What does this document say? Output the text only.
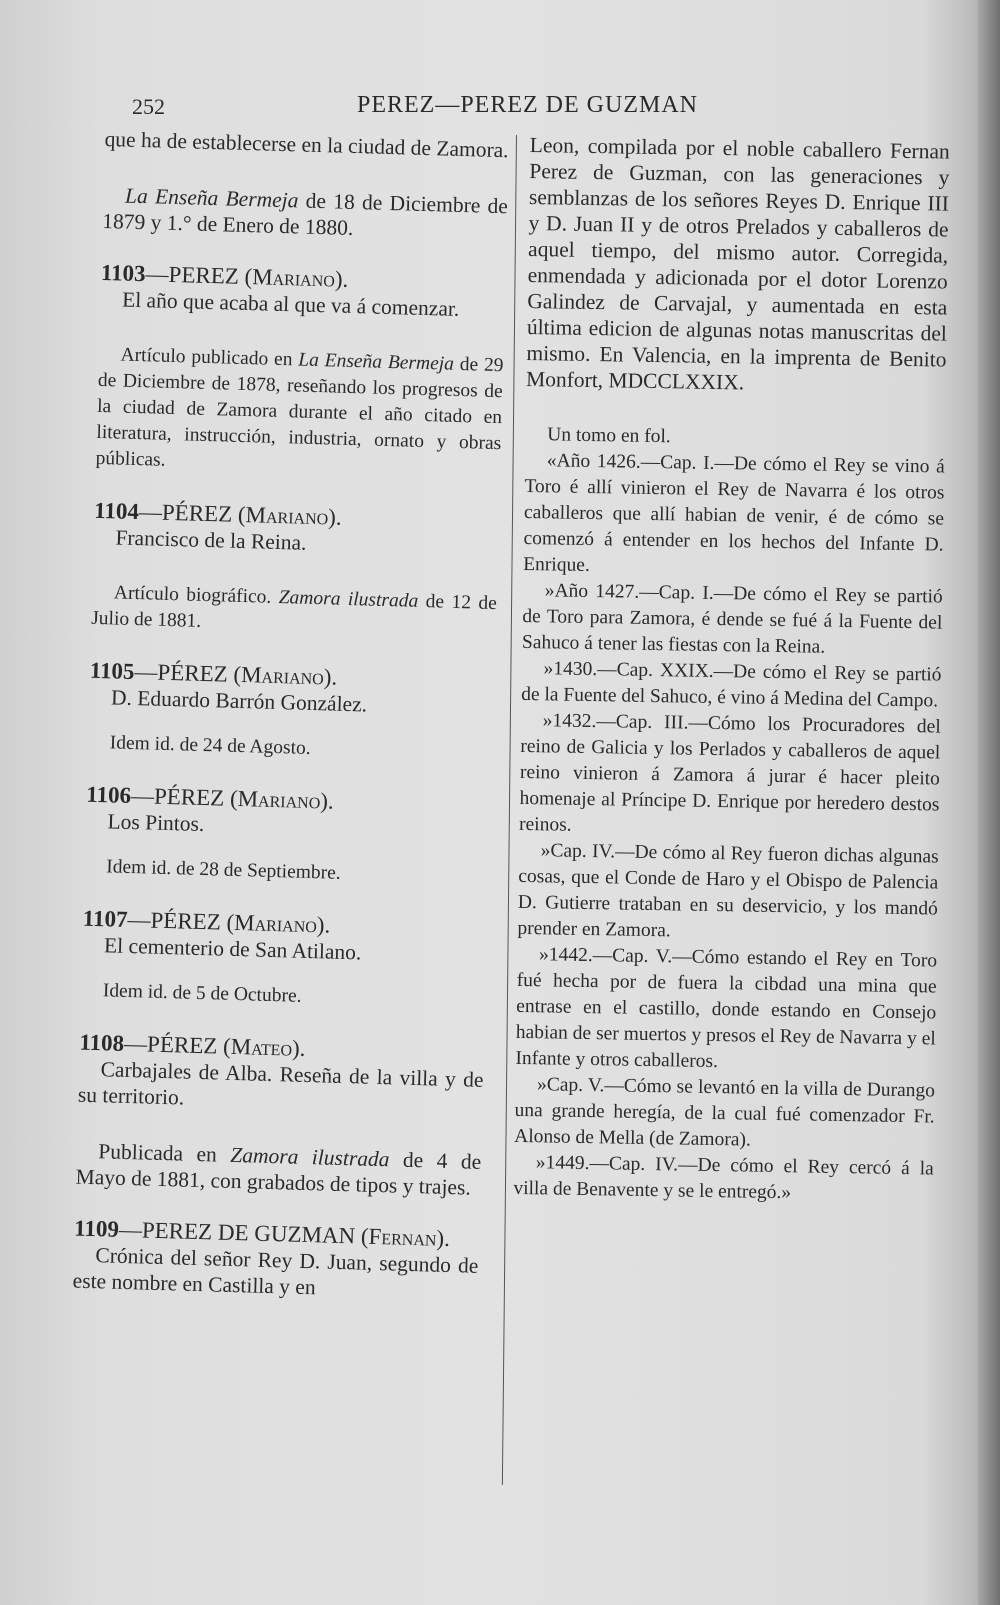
252	PEREZ—PEREZ DE GUZMAN

que ha de establecerse en la ciudad de Zamora.

La Enseña Bermeja de 18 de Diciembre de 1879 y 1.° de Enero de 1880.

1103—PEREZ (Mariano).

El año que acaba al que va á comenzar.

Artículo publicado en La Enseña Bermeja de 29 de Diciembre de 1878, reseñando los progresos de la ciudad de Zamora durante el año citado en literatura, instrucción, industria, ornato y obras públicas.

1104—PÉREZ (Mariano).

Francisco de la Reina.

Artículo biográfico. Zamora ilustrada de 12 de Julio de 1881.

1105—PÉREZ (Mariano).

D. Eduardo Barrón González.

Idem id. de 24 de Agosto.

1106—PÉREZ (Mariano).

Los Pintos.

Idem id. de 28 de Septiembre.

1107—PÉREZ (Mariano).

El cementerio de San Atilano.

Idem id. de 5 de Octubre.

1108—PÉREZ (Mateo).

Carbajales de Alba. Reseña de la villa y de su territorio.

Publicada en Zamora ilustrada de 4 de Mayo de 1881, con grabados de tipos y trajes.

1109—PEREZ DE GUZMAN (Fernan).

Crónica del señor Rey D. Juan, segundo de este nombre en Castilla y en

Leon, compilada por el noble caballero Fernan Perez de Guzman, con las generaciones y semblanzas de los señores Reyes D. Enrique III y D. Juan II y de otros Prelados y caballeros de aquel tiempo, del mismo autor. Corregida, enmendada y adicionada por el dotor Lorenzo Galindez de Carvajal, y aumentada en esta última edicion de algunas notas manuscritas del mismo. En Valencia, en la imprenta de Benito Monfort, MDCCLXXIX.

Un tomo en fol.

«Año 1426.—Cap. I.—De cómo el Rey se vino á Toro é allí vinieron el Rey de Navarra é los otros caballeros que allí habian de venir, é de cómo se comenzó á entender en los hechos del Infante D. Enrique.

»Año 1427.—Cap. I.—De cómo el Rey se partió de Toro para Zamora, é dende se fué á la Fuente del Sahuco á tener las fiestas con la Reina.

»1430.—Cap. XXIX.—De cómo el Rey se partió de la Fuente del Sahuco, é vino á Medina del Campo.

»1432.—Cap. III.—Cómo los Procuradores del reino de Galicia y los Perlados y caballeros de aquel reino vinieron á Zamora á jurar é hacer pleito homenaje al Príncipe D. Enrique por heredero destos reinos.

»Cap. IV.—De cómo al Rey fueron dichas algunas cosas, que el Conde de Haro y el Obispo de Palencia D. Gutierre trataban en su deservicio, y los mandó prender en Zamora.

»1442.—Cap. V.—Cómo estando el Rey en Toro fué hecha por de fuera la cibdad una mina que entrase en el castillo, donde estando en Consejo habian de ser muertos y presos el Rey de Navarra y el Infante y otros caballeros.

»Cap. V.—Cómo se levantó en la villa de Durango una grande heregía, de la cual fué comenzador Fr. Alonso de Mella (de Zamora).

»1449.—Cap. IV.—De cómo el Rey cercó á la villa de Benavente y se le entregó.»
